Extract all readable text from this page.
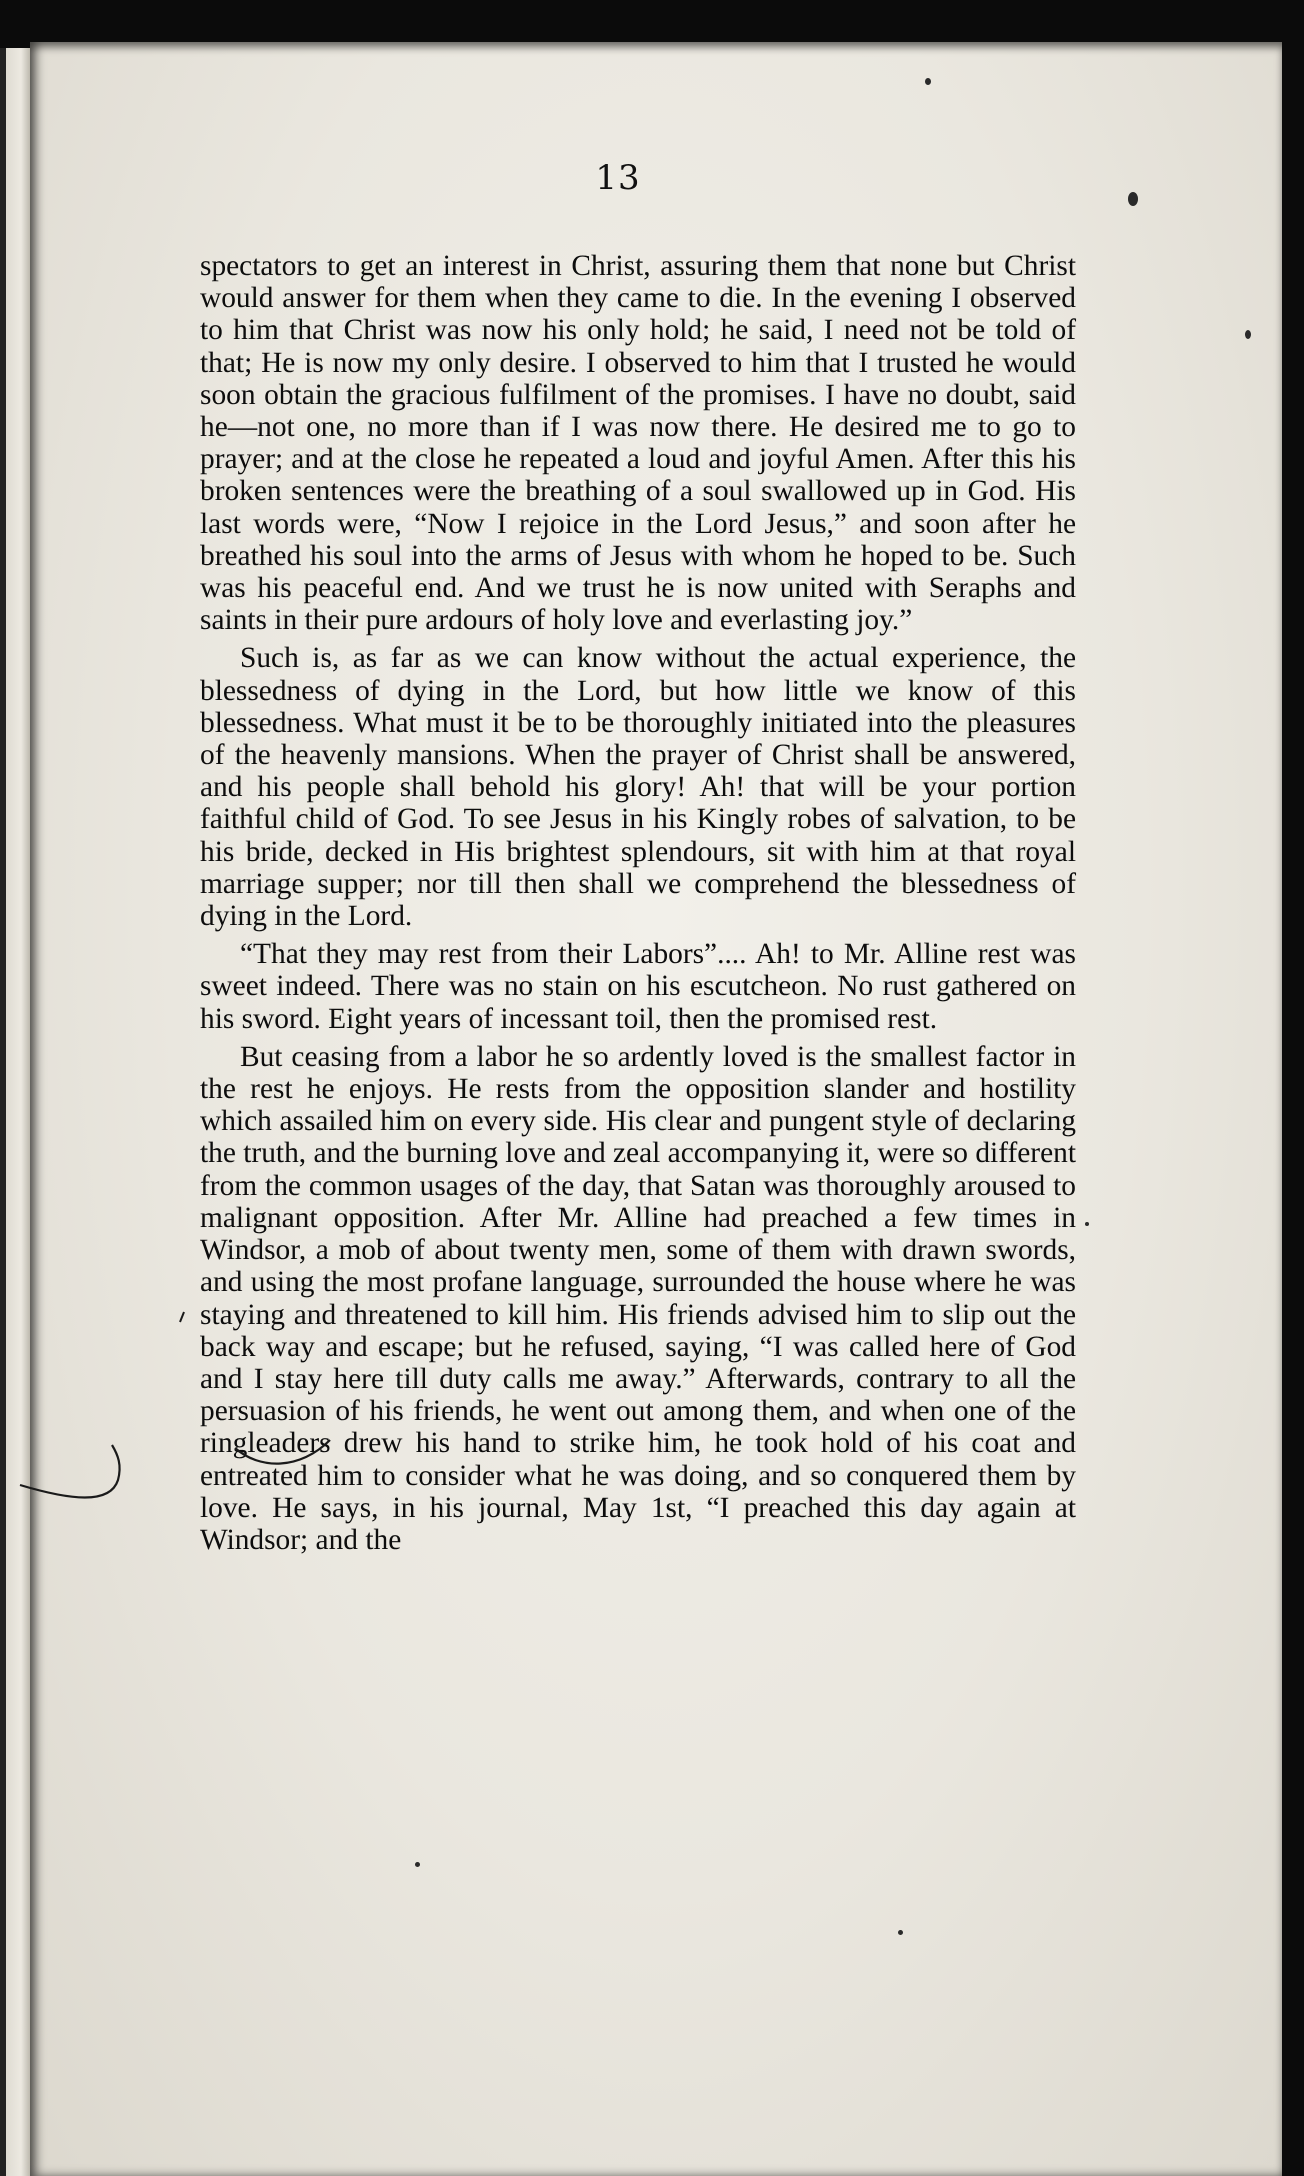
13

spectators to get an interest in Christ, assuring them that none but Christ would answer for them when they came to die. In the evening I observed to him that Christ was now his only hold; he said, I need not be told of that; He is now my only desire. I observed to him that I trusted he would soon obtain the gracious fulfilment of the promises. I have no doubt, said he—not one, no more than if I was now there. He desired me to go to prayer; and at the close he repeated a loud and joyful Amen. After this his broken sentences were the breathing of a soul swallowed up in God. His last words were, “Now I rejoice in the Lord Jesus,” and soon after he breathed his soul into the arms of Jesus with whom he hoped to be. Such was his peaceful end. And we trust he is now united with Seraphs and saints in their pure ardours of holy love and everlasting joy.”

Such is, as far as we can know without the actual experience, the blessedness of dying in the Lord, but how little we know of this blessedness. What must it be to be thoroughly initiated into the pleasures of the heavenly mansions. When the prayer of Christ shall be answered, and his people shall behold his glory! Ah! that will be your portion faithful child of God. To see Jesus in his Kingly robes of salvation, to be his bride, decked in His brightest splendours, sit with him at that royal marriage supper; nor till then shall we comprehend the blessedness of dying in the Lord.

“That they may rest from their Labors”.... Ah! to Mr. Alline rest was sweet indeed. There was no stain on his escutcheon. No rust gathered on his sword. Eight years of incessant toil, then the promised rest.

But ceasing from a labor he so ardently loved is the smallest factor in the rest he enjoys. He rests from the opposition slander and hostility which assailed him on every side. His clear and pungent style of declaring the truth, and the burning love and zeal accompanying it, were so different from the common usages of the day, that Satan was thoroughly aroused to malignant opposition. After Mr. Alline had preached a few times in Windsor, a mob of about twenty men, some of them with drawn swords, and using the most profane language, surrounded the house where he was staying and threatened to kill him. His friends advised him to slip out the back way and escape; but he refused, saying, “I was called here of God and I stay here till duty calls me away.” Afterwards, contrary to all the persuasion of his friends, he went out among them, and when one of the ringleaders drew his hand to strike him, he took hold of his coat and entreated him to consider what he was doing, and so conquered them by love. He says, in his journal, May 1st, “I preached this day again at Windsor; and the
